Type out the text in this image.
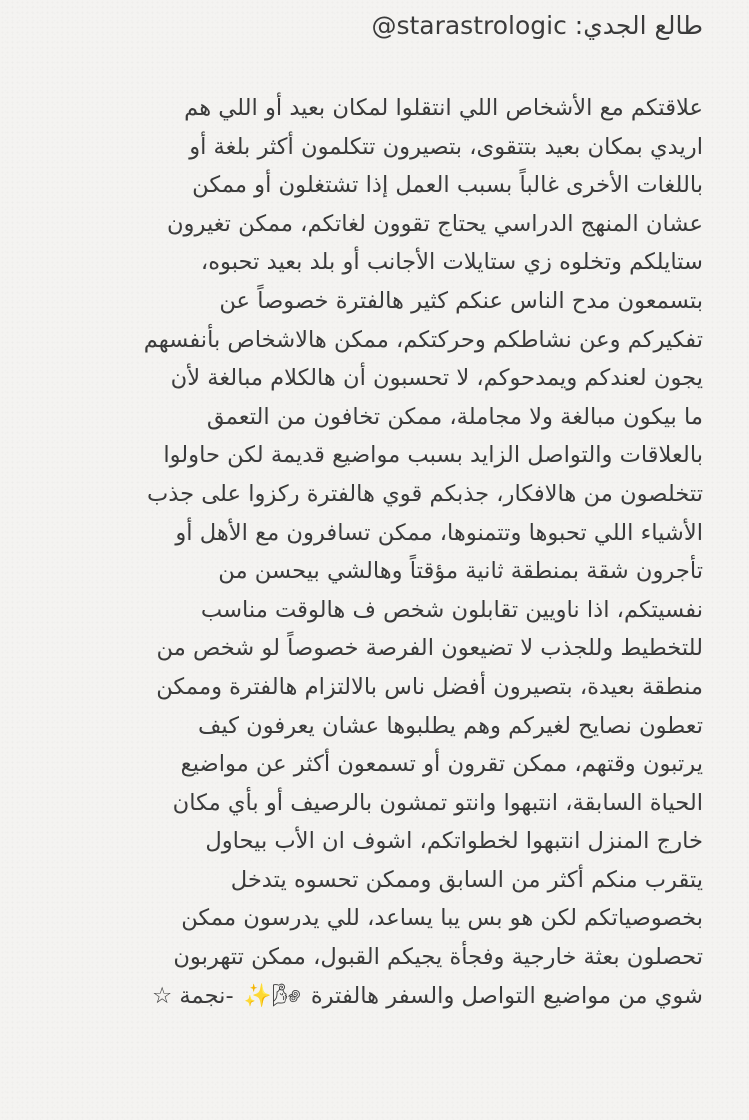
طالع الجدي: @starastrologic
علاقتكم مع الأشخاص اللي انتقلوا لمكان بعيد أو اللي هم
اريدي بمكان بعيد بتتقوى، بتصيرون تتكلمون أكثر بلغة أو
باللغات الأخرى غالباً بسبب العمل إذا تشتغلون أو ممكن
عشان المنهج الدراسي يحتاج تقوون لغاتكم، ممكن تغيرون
ستايلكم وتخلوه زي ستايلات الأجانب أو بلد بعيد تحبوه،
بتسمعون مدح الناس عنكم كثير هالفترة خصوصاً عن
تفكيركم وعن نشاطكم وحركتكم، ممكن هالاشخاص بأنفسهم
يجون لعندكم ويمدحوكم، لا تحسبون أن هالكلام مبالغة لأن
ما بيكون مبالغة ولا مجاملة، ممكن تخافون من التعمق
بالعلاقات والتواصل الزايد بسبب مواضيع قديمة لكن حاولوا
تتخلصون من هالافكار، جذبكم قوي هالفترة ركزوا على جذب
الأشياء اللي تحبوها وتتمنوها، ممكن تسافرون مع الأهل أو
تأجرون شقة بمنطقة ثانية مؤقتاً وهالشي بيحسن من
نفسيتكم، اذا ناويين تقابلون شخص ف هالوقت مناسب
للتخطيط وللجذب لا تضيعون الفرصة خصوصاً لو شخص من
منطقة بعيدة، بتصيرون أفضل ناس بالالتزام هالفترة وممكن
تعطون نصايح لغيركم وهم يطلبوها عشان يعرفون كيف
يرتبون وقتهم، ممكن تقرون أو تسمعون أكثر عن مواضيع
الحياة السابقة، انتبهوا وانتو تمشون بالرصيف أو بأي مكان
خارج المنزل انتبهوا لخطواتكم، اشوف ان الأب بيحاول
يتقرب منكم أكثر من السابق وممكن تحسوه يتدخل
بخصوصياتكم لكن هو بس يبا يساعد، للي يدرسون ممكن
تحصلون بعثة خارجية وفجأة يجيكم القبول، ممكن تتهربون
شوي من مواضيع التواصل والسفر هالفترة 🌬✨ -نجمة ☆
